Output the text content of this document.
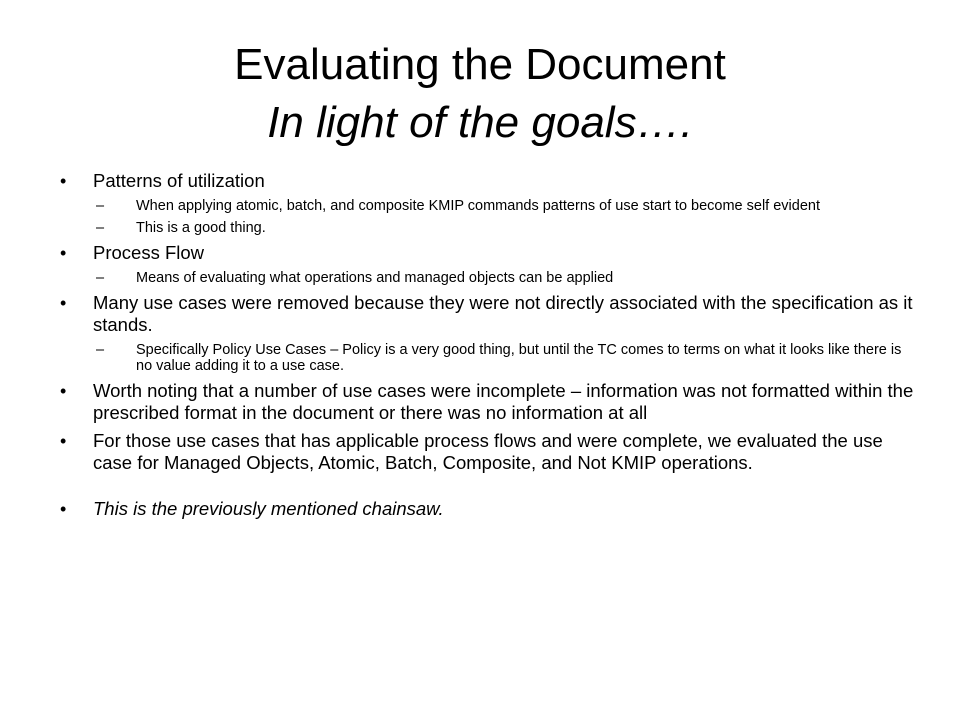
Evaluating the Document
In light of the goals….
• Patterns of utilization
– When applying atomic, batch, and composite KMIP commands patterns of use start to become self evident
– This is a good thing.
• Process Flow
– Means of evaluating what operations and managed objects can be applied
• Many use cases were removed because they were not directly associated with the specification as it stands.
– Specifically Policy Use Cases – Policy is a very good thing, but until the TC comes to terms on what it looks like there is no value adding it to a use case.
• Worth noting that a number of use cases were incomplete – information was not formatted within the prescribed format in the document or there was no information at all
• For those use cases that has applicable process flows and were complete, we evaluated the use case for Managed Objects, Atomic, Batch, Composite, and Not KMIP operations.
• This is the previously mentioned chainsaw.
